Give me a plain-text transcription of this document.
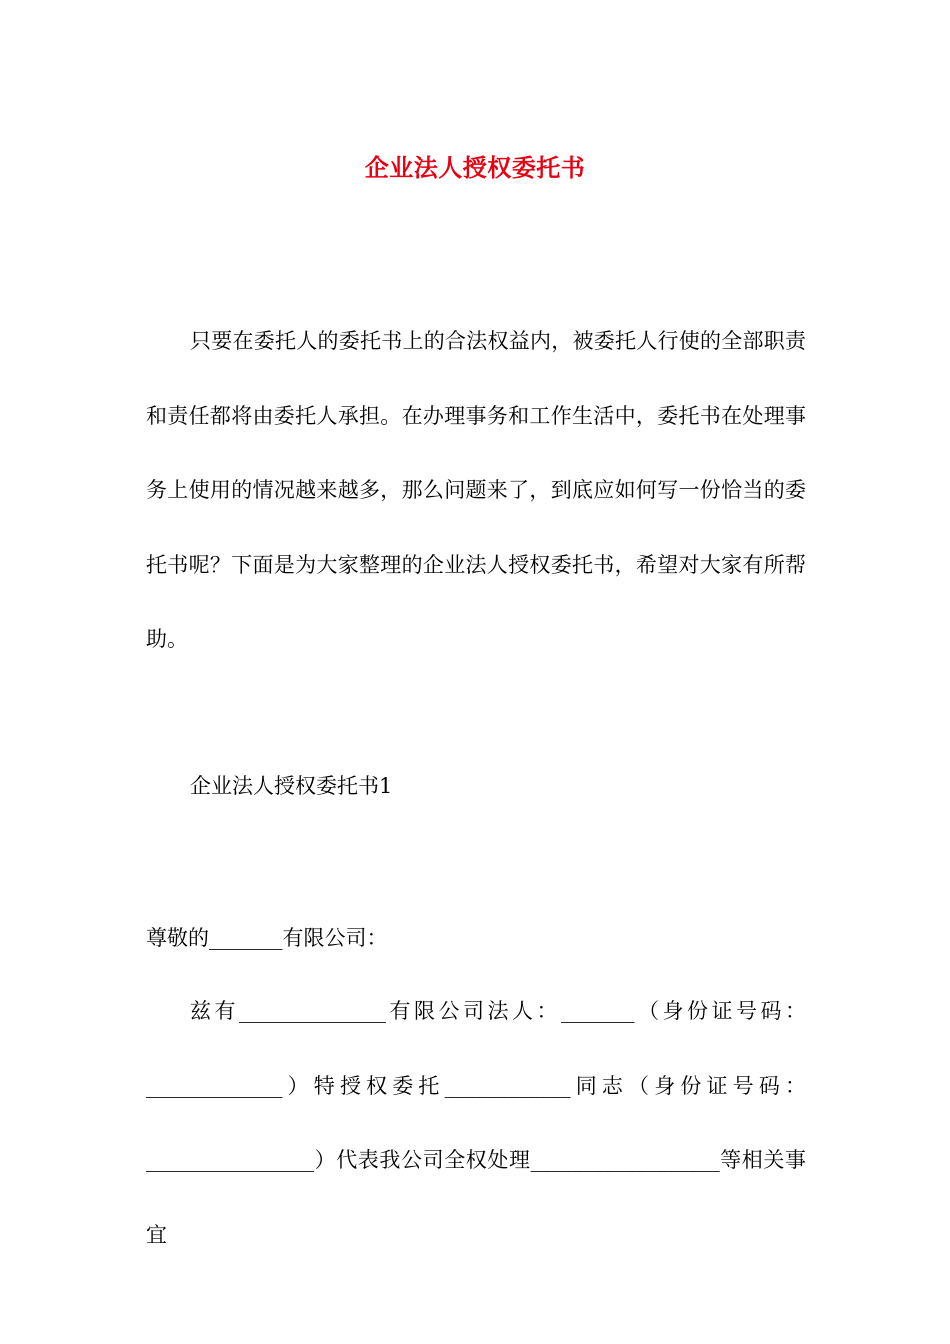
企业法人授权委托书

只要在委托人的委托书上的合法权益内，被委托人行使的全部职责和责任都将由委托人承担。在办理事务和工作生活中，委托书在处理事务上使用的情况越来越多，那么问题来了，到底应如何写一份恰当的委托书呢？下面是为大家整理的企业法人授权委托书，希望对大家有所帮助。

企业法人授权委托书1

尊敬的_______有限公司：

兹有______________有限公司法人：_______（身份证号码：_____________）特授权委托____________同志（身份证号码：________________）代表我公司全权处理__________________等相关事宜
